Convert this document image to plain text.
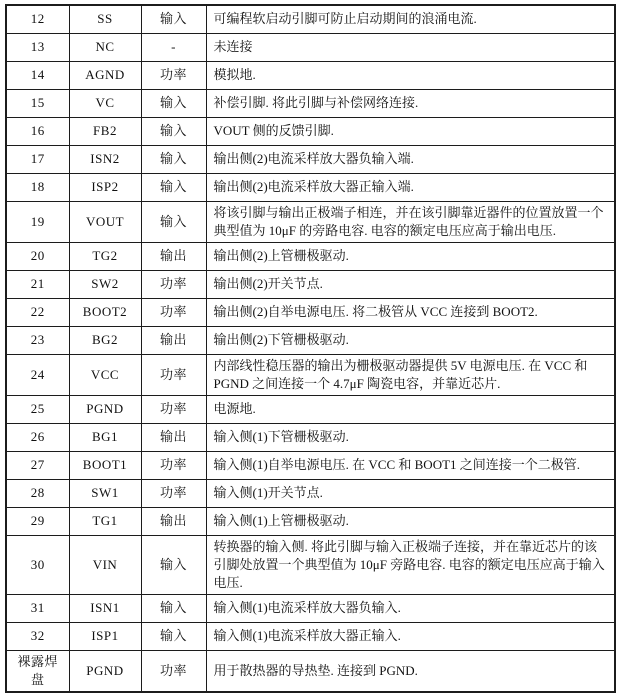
12	SS	输入	可编程软启动引脚可防止启动期间的浪涌电流.
13	NC	-	未连接
14	AGND	功率	模拟地.
15	VC	输入	补偿引脚. 将此引脚与补偿网络连接.
16	FB2	输入	VOUT 侧的反馈引脚.
17	ISN2	输入	输出侧(2)电流采样放大器负输入端.
18	ISP2	输入	输出侧(2)电流采样放大器正输入端.
19	VOUT	输入	将该引脚与输出正极端子相连，并在该引脚靠近器件的位置放置一个典型值为 10μF 的旁路电容. 电容的额定电压应高于输出电压.
20	TG2	输出	输出侧(2)上管栅极驱动.
21	SW2	功率	输出侧(2)开关节点.
22	BOOT2	功率	输出侧(2)自举电源电压. 将二极管从 VCC 连接到 BOOT2.
23	BG2	输出	输出侧(2)下管栅极驱动.
24	VCC	功率	内部线性稳压器的输出为栅极驱动器提供 5V 电源电压. 在 VCC 和 PGND 之间连接一个 4.7μF 陶瓷电容，并靠近芯片.
25	PGND	功率	电源地.
26	BG1	输出	输入侧(1)下管栅极驱动.
27	BOOT1	功率	输入侧(1)自举电源电压. 在 VCC 和 BOOT1 之间连接一个二极管.
28	SW1	功率	输入侧(1)开关节点.
29	TG1	输出	输入侧(1)上管栅极驱动.
30	VIN	输入	转换器的输入侧. 将此引脚与输入正极端子连接，并在靠近芯片的该引脚处放置一个典型值为 10μF 旁路电容. 电容的额定电压应高于输入电压.
31	ISN1	输入	输入侧(1)电流采样放大器负输入.
32	ISP1	输入	输入侧(1)电流采样放大器正输入.
裸露焊盘	PGND	功率	用于散热器的导热垫. 连接到 PGND.
